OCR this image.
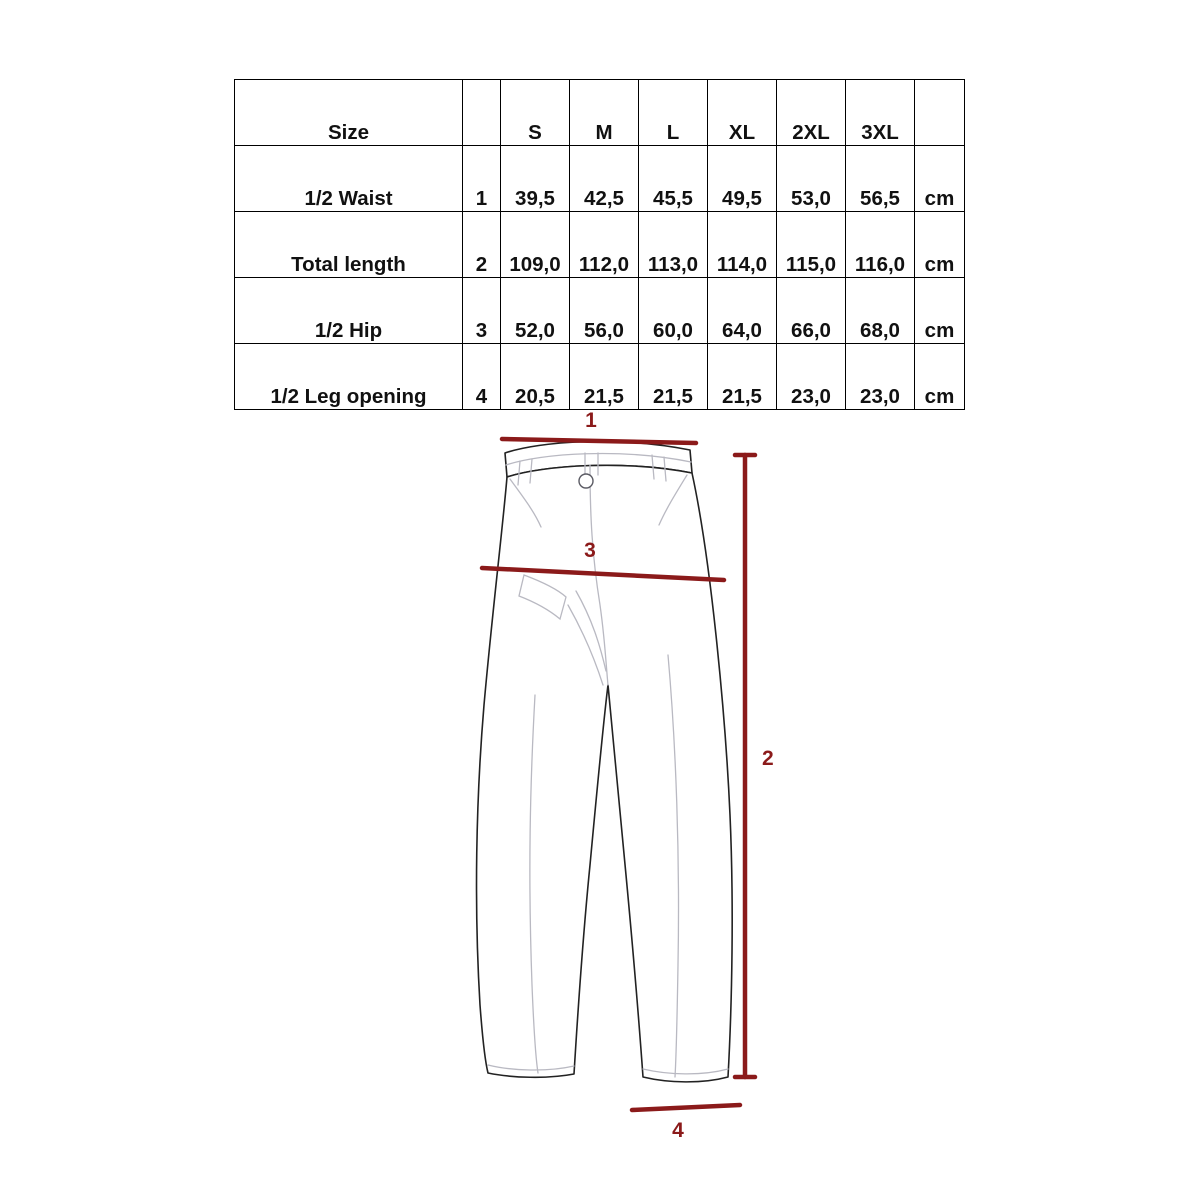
Size		S	M	L	XL	2XL	3XL	
1/2 Waist	1	39,5	42,5	45,5	49,5	53,0	56,5	cm
Total length	2	109,0	112,0	113,0	114,0	115,0	116,0	cm
1/2 Hip	3	52,0	56,0	60,0	64,0	66,0	68,0	cm
1/2 Leg opening	4	20,5	21,5	21,5	21,5	23,0	23,0	cm
1
3
2
4
